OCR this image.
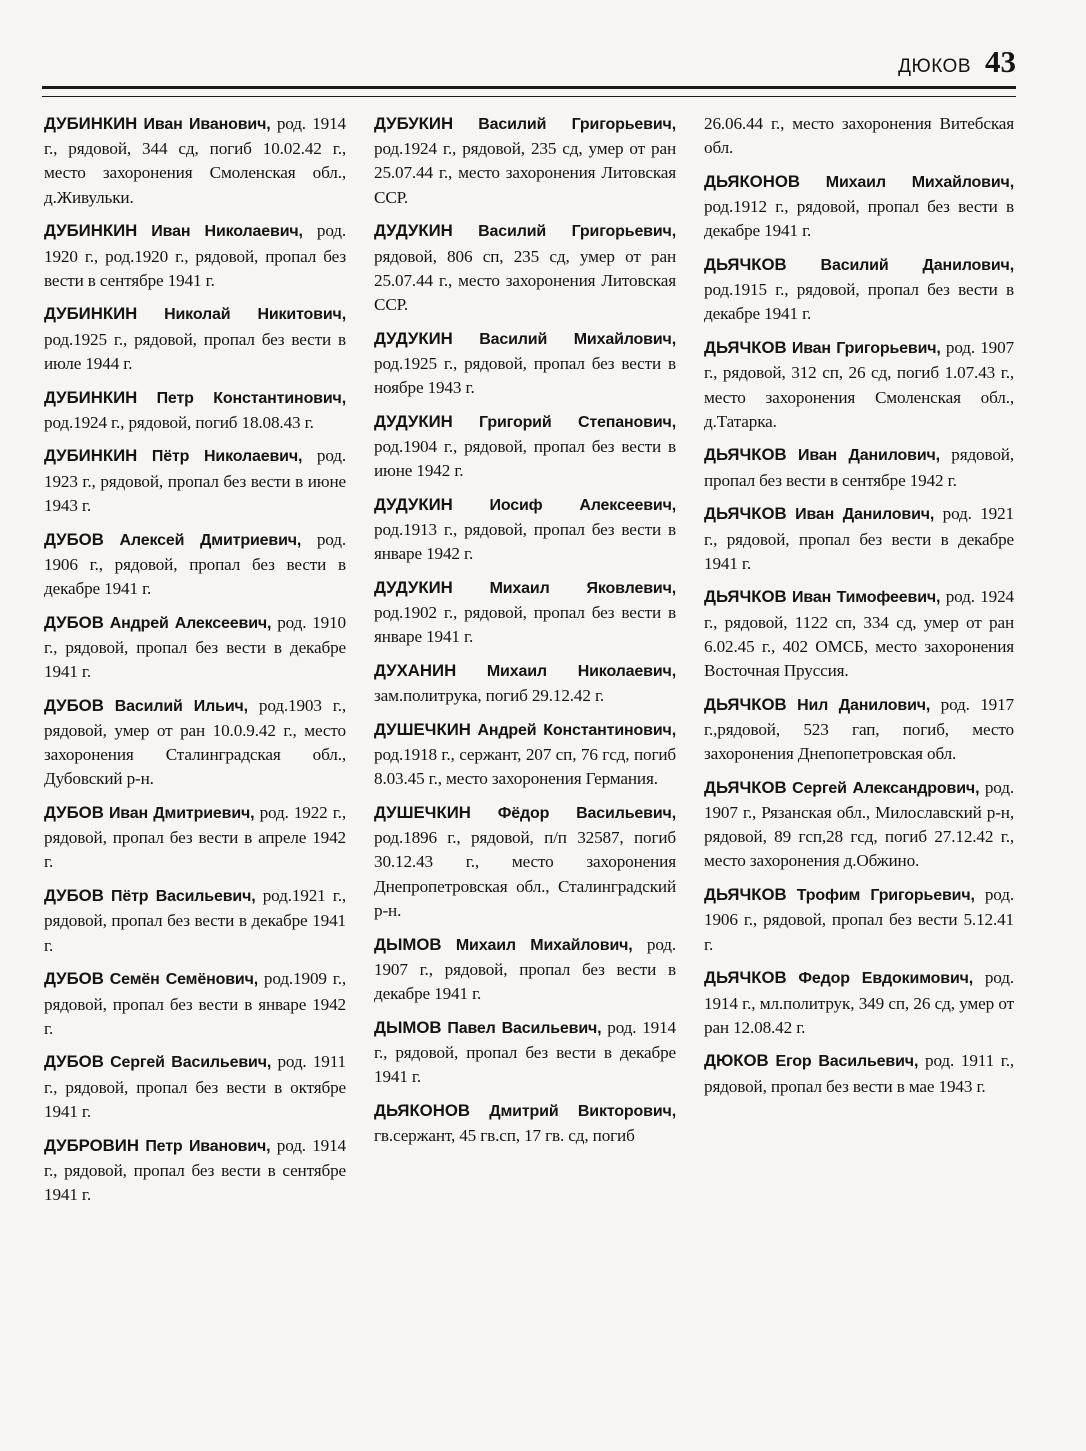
ДЮКОВ 43

ДУБИНКИН Иван Иванович, род. 1914 г., рядовой, 344 сд, погиб 10.02.42 г., место захоронения Смоленская обл., д.Живульки.

ДУБИНКИН Иван Николаевич, род. 1920 г., род.1920 г., рядовой, пропал без вести в сентябре 1941 г.

ДУБИНКИН Николай Никитович, род.1925 г., рядовой, пропал без вести в июле 1944 г.

ДУБИНКИН Петр Константинович, род.1924 г., рядовой, погиб 18.08.43 г.

ДУБИНКИН Пётр Николаевич, род. 1923 г., рядовой, пропал без вести в июне 1943 г.

ДУБОВ Алексей Дмитриевич, род. 1906 г., рядовой, пропал без вести в декабре 1941 г.

ДУБОВ Андрей Алексеевич, род. 1910 г., рядовой, пропал без вести в декабре 1941 г.

ДУБОВ Василий Ильич, род.1903 г., рядовой, умер от ран 10.0.9.42 г., место захоронения Сталинградская обл., Дубовский р-н.

ДУБОВ Иван Дмитриевич, род. 1922 г., рядовой, пропал без вести в апреле 1942 г.

ДУБОВ Пётр Васильевич, род.1921 г., рядовой, пропал без вести в декабре 1941 г.

ДУБОВ Семён Семёнович, род.1909 г., рядовой, пропал без вести в январе 1942 г.

ДУБОВ Сергей Васильевич, род. 1911 г., рядовой, пропал без вести в октябре 1941 г.

ДУБРОВИН Петр Иванович, род. 1914 г., рядовой, пропал без вести в сентябре 1941 г.

ДУБУКИН Василий Григорьевич, род.1924 г., рядовой, 235 сд, умер от ран 25.07.44 г., место захоронения Литовская ССР.

ДУДУКИН Василий Григорьевич, рядовой, 806 сп, 235 сд, умер от ран 25.07.44 г., место захоронения Литовская ССР.

ДУДУКИН Василий Михайлович, род.1925 г., рядовой, пропал без вести в ноябре 1943 г.

ДУДУКИН Григорий Степанович, род.1904 г., рядовой, пропал без вести в июне 1942 г.

ДУДУКИН Иосиф Алексеевич, род.1913 г., рядовой, пропал без вести в январе 1942 г.

ДУДУКИН Михаил Яковлевич, род.1902 г., рядовой, пропал без вести в январе 1941 г.

ДУХАНИН Михаил Николаевич, зам.политрука, погиб 29.12.42 г.

ДУШЕЧКИН Андрей Константинович, род.1918 г., сержант, 207 сп, 76 гсд, погиб 8.03.45 г., место захоронения Германия.

ДУШЕЧКИН Фёдор Васильевич, род.1896 г., рядовой, п/п 32587, погиб 30.12.43 г., место захоронения Днепропетровская обл., Сталинградский р-н.

ДЫМОВ Михаил Михайлович, род. 1907 г., рядовой, пропал без вести в декабре 1941 г.

ДЫМОВ Павел Васильевич, род. 1914 г., рядовой, пропал без вести в декабре 1941 г.

ДЬЯКОНОВ Дмитрий Викторович, гв.сержант, 45 гв.сп, 17 гв. сд, погиб

26.06.44 г., место захоронения Витебская обл.

ДЬЯКОНОВ Михаил Михайлович, род.1912 г., рядовой, пропал без вести в декабре 1941 г.

ДЬЯЧКОВ Василий Данилович, род.1915 г., рядовой, пропал без вести в декабре 1941 г.

ДЬЯЧКОВ Иван Григорьевич, род. 1907 г., рядовой, 312 сп, 26 сд, погиб 1.07.43 г., место захоронения Смоленская обл., д.Татарка.

ДЬЯЧКОВ Иван Данилович, рядовой, пропал без вести в сентябре 1942 г.

ДЬЯЧКОВ Иван Данилович, род. 1921 г., рядовой, пропал без вести в декабре 1941 г.

ДЬЯЧКОВ Иван Тимофеевич, род. 1924 г., рядовой, 1122 сп, 334 сд, умер от ран 6.02.45 г., 402 ОМСБ, место захоронения Восточная Пруссия.

ДЬЯЧКОВ Нил Данилович, род. 1917 г.,рядовой, 523 гап, погиб, место захоронения Днепопетровская обл.

ДЬЯЧКОВ Сергей Александрович, род. 1907 г., Рязанская обл., Милославский р-н, рядовой, 89 гсп,28 гсд, погиб 27.12.42 г., место захоронения д.Обжино.

ДЬЯЧКОВ Трофим Григорьевич, род. 1906 г., рядовой, пропал без вести 5.12.41 г.

ДЬЯЧКОВ Федор Евдокимович, род. 1914 г., мл.политрук, 349 сп, 26 сд, умер от ран 12.08.42 г.

ДЮКОВ Егор Васильевич, род. 1911 г., рядовой, пропал без вести в мае 1943 г.
